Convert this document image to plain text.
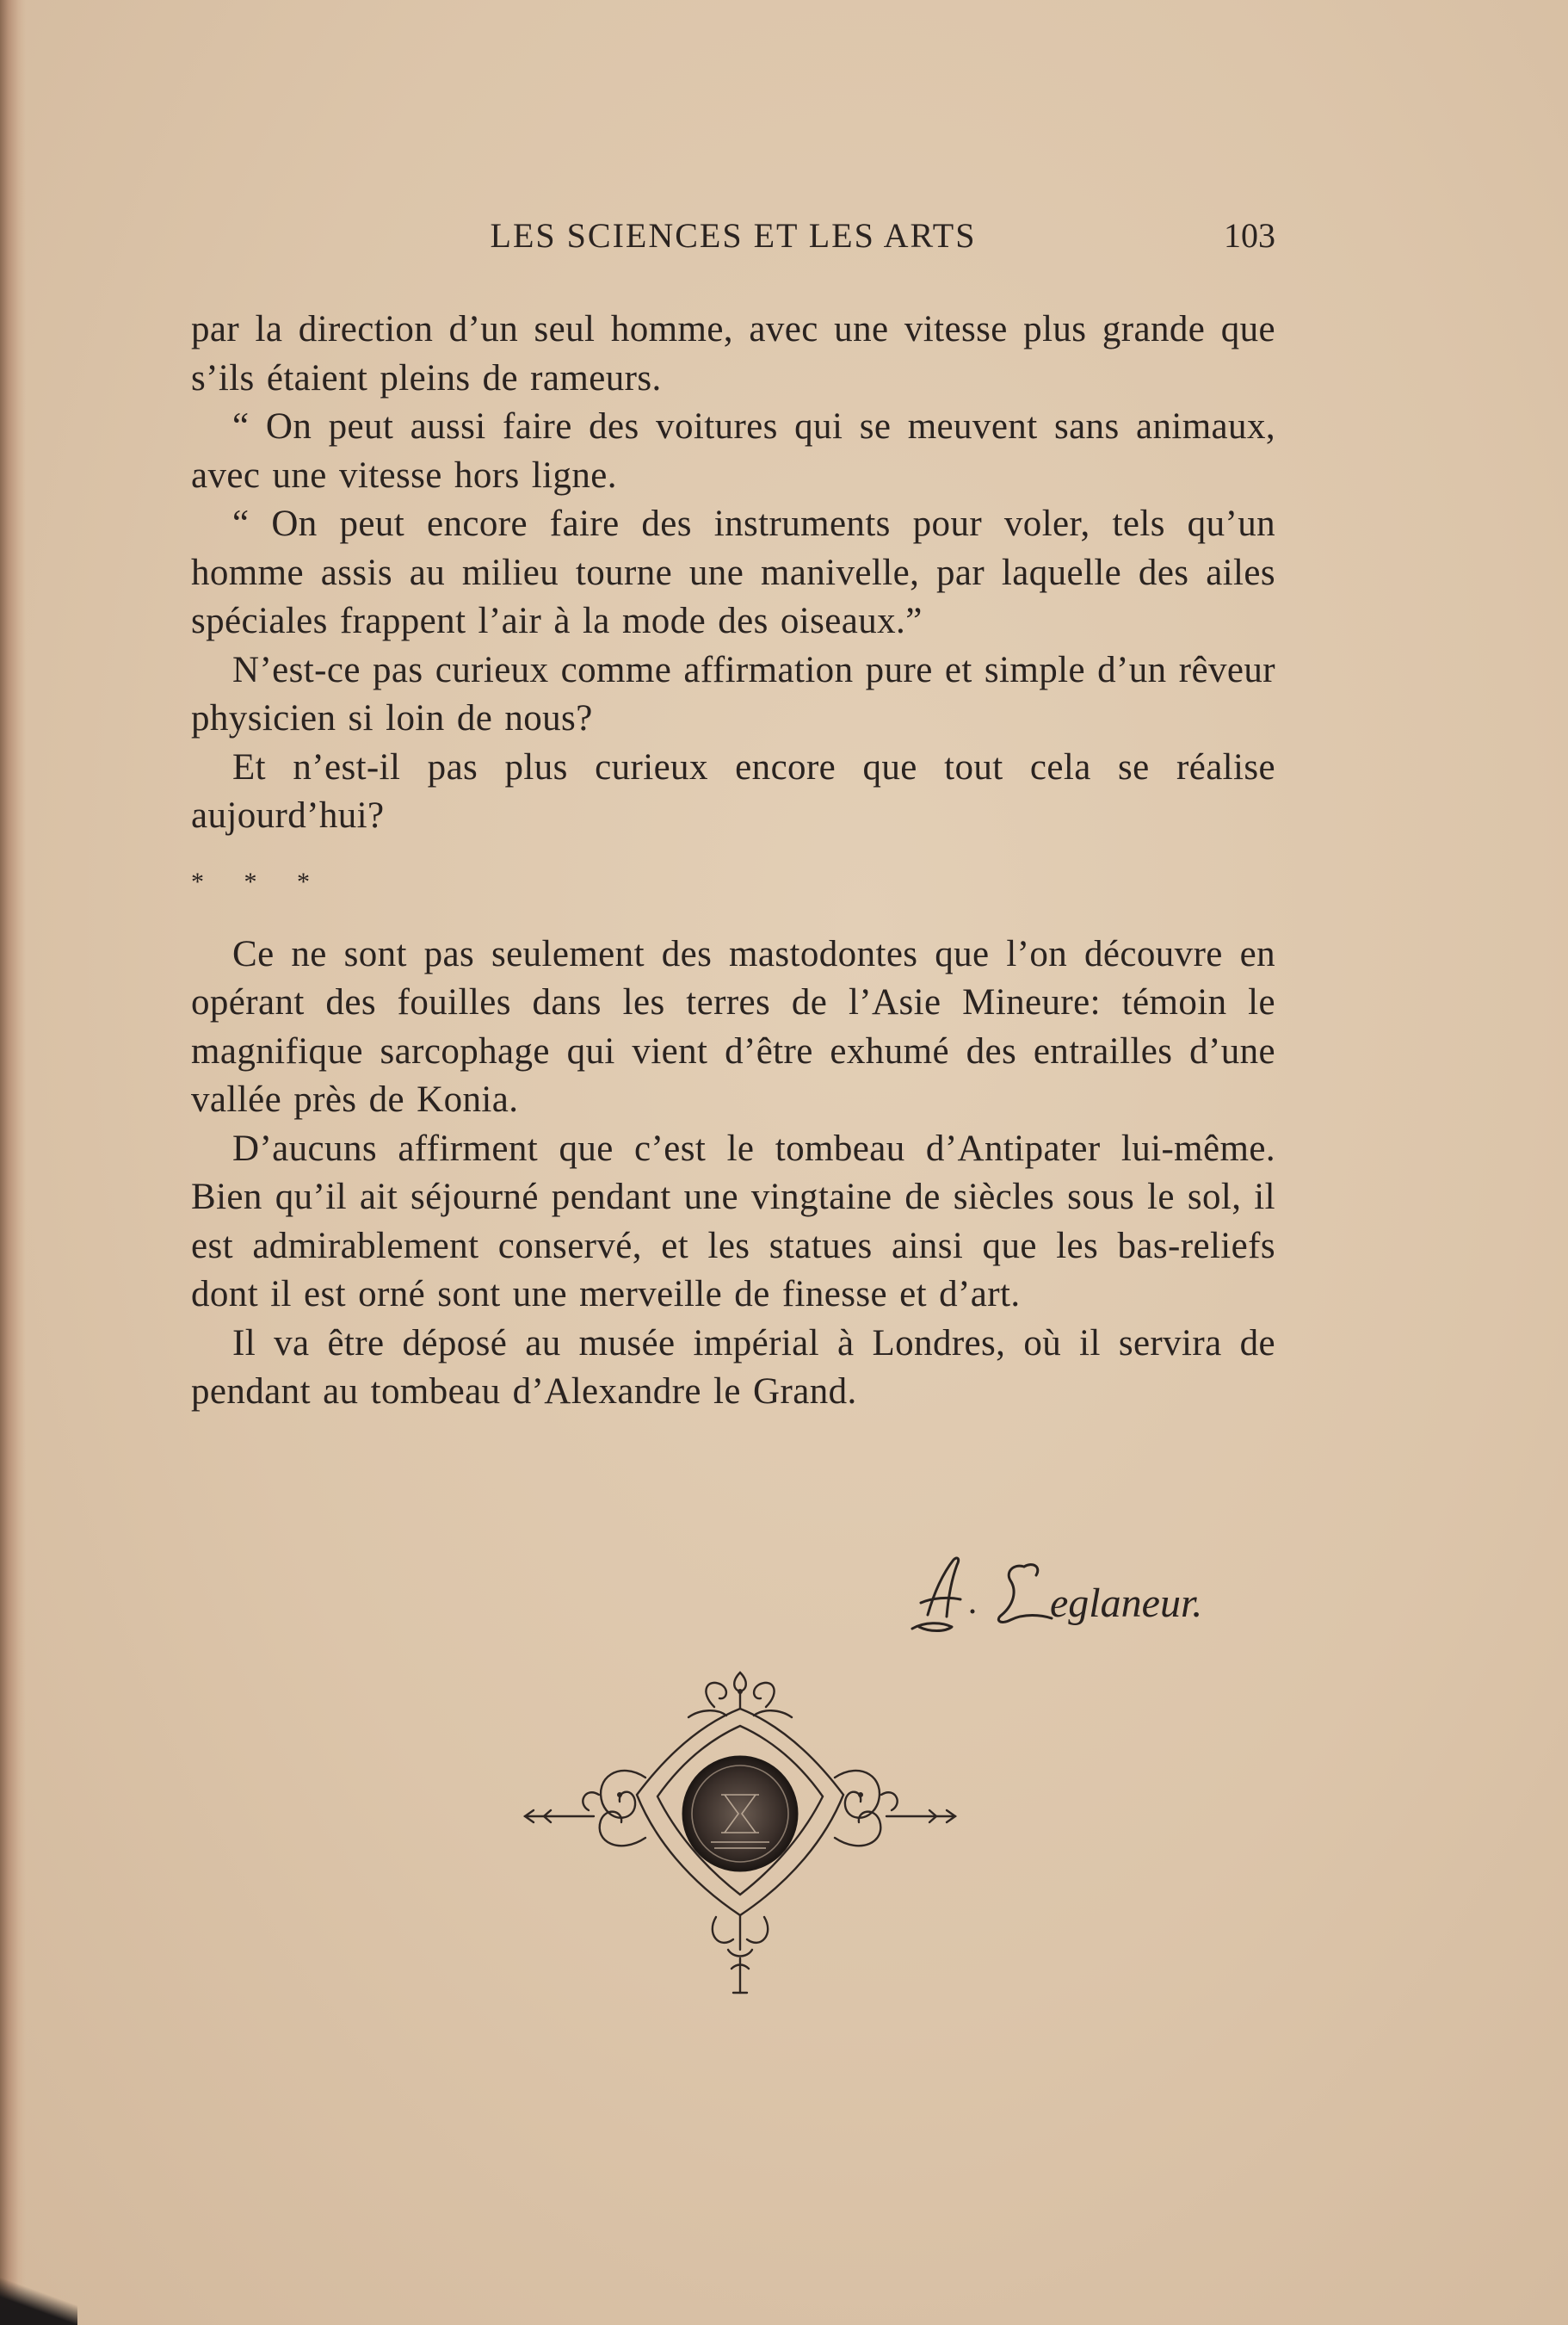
LES SCIENCES ET LES ARTS	103

par la direction d’un seul homme, avec une vitesse plus grande que s’ils étaient pleins de rameurs.

“ On peut aussi faire des voitures qui se meuvent sans animaux, avec une vitesse hors ligne.

“ On peut encore faire des instruments pour voler, tels qu’un homme assis au milieu tourne une manivelle, par laquelle des ailes spéciales frappent l’air à la mode des oiseaux.”

N’est-ce pas curieux comme affirmation pure et simple d’un rêveur physicien si loin de nous?

Et n’est-il pas plus curieux encore que tout cela se réalise aujourd’hui?

* * *

Ce ne sont pas seulement des mastodontes que l’on découvre en opérant des fouilles dans les terres de l’Asie Mineure: témoin le magnifique sarcophage qui vient d’être exhumé des entrailles d’une vallée près de Konia.

D’aucuns affirment que c’est le tombeau d’Antipater lui-même. Bien qu’il ait séjourné pendant une vingtaine de siècles sous le sol, il est admirablement conservé, et les statues ainsi que les bas-reliefs dont il est orné sont une merveille de finesse et d’art.

Il va être déposé au musée impérial à Londres, où il servira de pendant au tombeau d’Alexandre le Grand.

eglaneur.
